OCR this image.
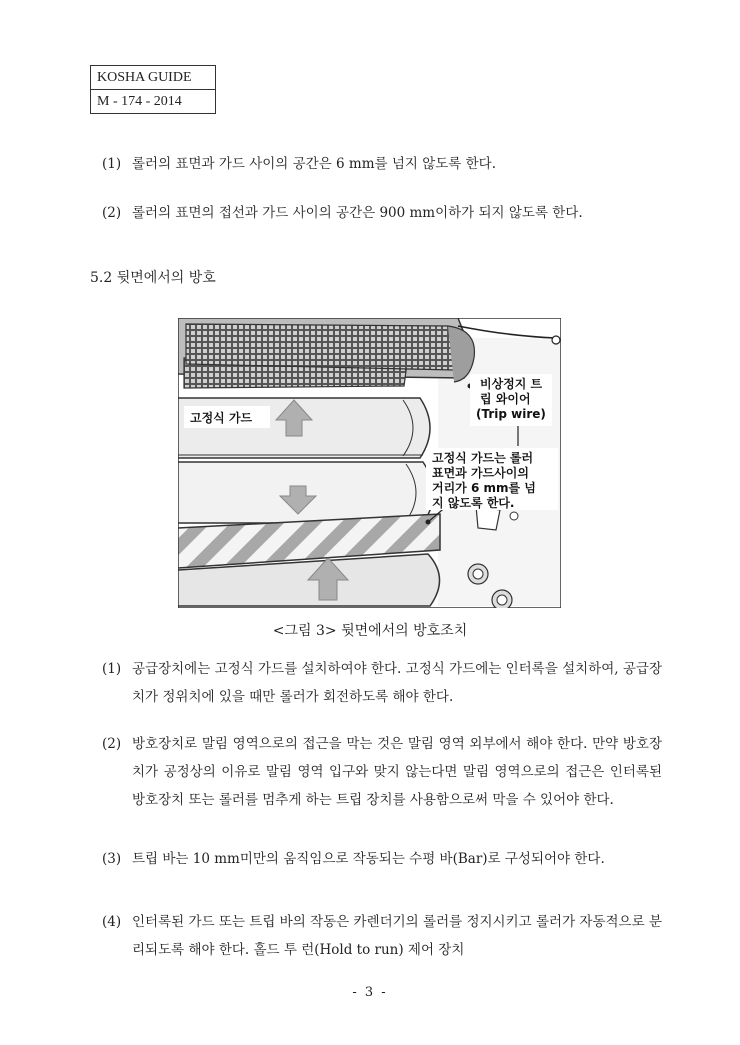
KOSHA GUIDE
M - 174 - 2014
(1) 롤러의 표면과 가드 사이의 공간은 6 mm를 넘지 않도록 한다.
(2) 롤러의 표면의 접선과 가드 사이의 공간은 900 mm이하가 되지 않도록 한다.
5.2 뒷면에서의 방호
고정식 가드
비상정지 트
립 와이어
(Trip wire)
고정식 가드는 롤러
표면과 가드사이의
거리가 6 mm를 넘
지 않도록 한다.
<그림 3> 뒷면에서의 방호조치
(1) 공급장치에는 고정식 가드를 설치하여야 한다. 고정식 가드에는 인터록을 설치하여, 공급장치가 정위치에 있을 때만 롤러가 회전하도록 해야 한다.
(2) 방호장치로 말림 영역으로의 접근을 막는 것은 말림 영역 외부에서 해야 한다. 만약 방호장치가 공정상의 이유로 말림 영역 입구와 맞지 않는다면 말림 영역으로의 접근은 인터록된 방호장치 또는 롤러를 멈추게 하는 트립 장치를 사용함으로써 막을 수 있어야 한다.
(3) 트립 바는 10 mm미만의 움직임으로 작동되는 수평 바(Bar)로 구성되어야 한다.
(4) 인터록된 가드 또는 트립 바의 작동은 카렌더기의 롤러를 정지시키고 롤러가 자동적으로 분리되도록 해야 한다. 홀드 투 런(Hold to run) 제어 장치
- 3 -
